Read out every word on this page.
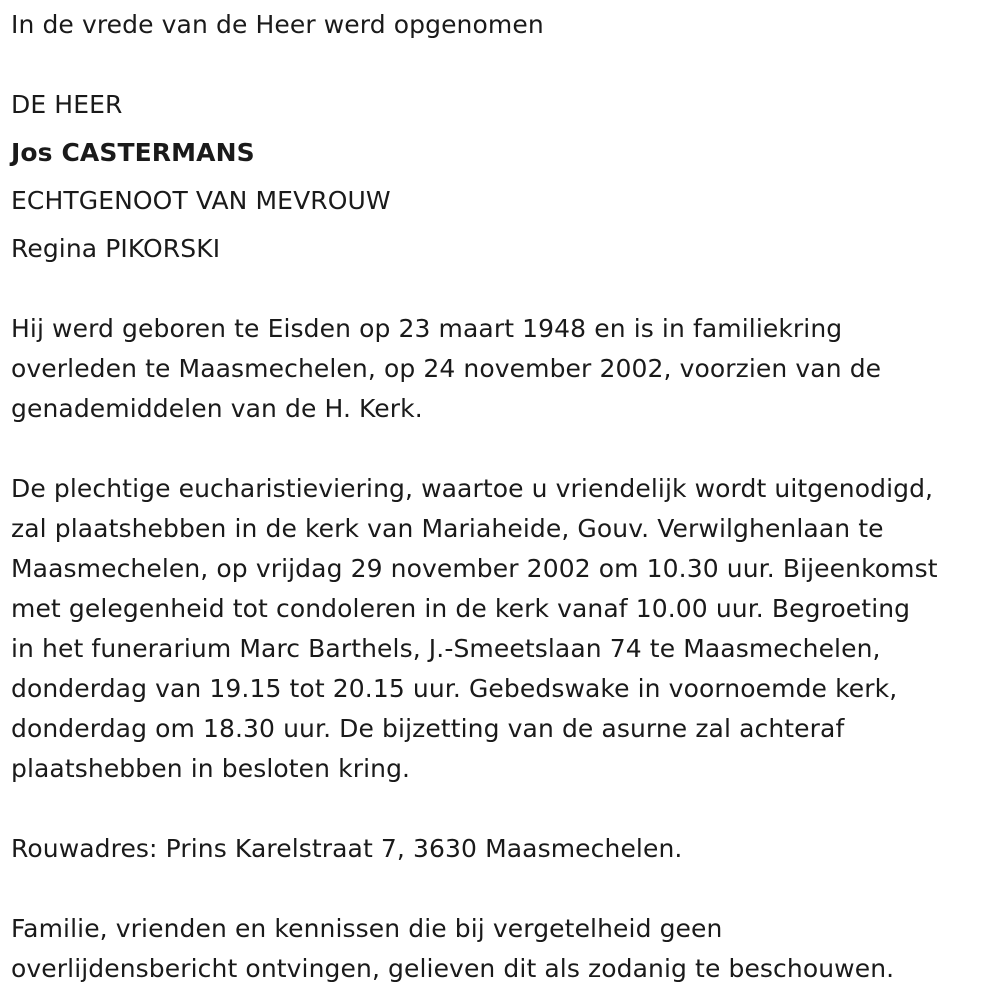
In de vrede van de Heer werd opgenomen
DE HEER
Jos CASTERMANS
ECHTGENOOT VAN MEVROUW
Regina PIKORSKI
Hij werd geboren te Eisden op 23 maart 1948 en is in familiekring
overleden te Maasmechelen, op 24 november 2002, voorzien van de
genademiddelen van de H. Kerk.
De plechtige eucharistieviering, waartoe u vriendelijk wordt uitgenodigd,
zal plaatshebben in de kerk van Mariaheide, Gouv. Verwilghenlaan te
Maasmechelen, op vrijdag 29 november 2002 om 10.30 uur. Bijeenkomst
met gelegenheid tot condoleren in de kerk vanaf 10.00 uur. Begroeting
in het funerarium Marc Barthels, J.-Smeetslaan 74 te Maasmechelen,
donderdag van 19.15 tot 20.15 uur. Gebedswake in voornoemde kerk,
donderdag om 18.30 uur. De bijzetting van de asurne zal achteraf
plaatshebben in besloten kring.
Rouwadres: Prins Karelstraat 7, 3630 Maasmechelen.
Familie, vrienden en kennissen die bij vergetelheid geen
overlijdensbericht ontvingen, gelieven dit als zodanig te beschouwen.
